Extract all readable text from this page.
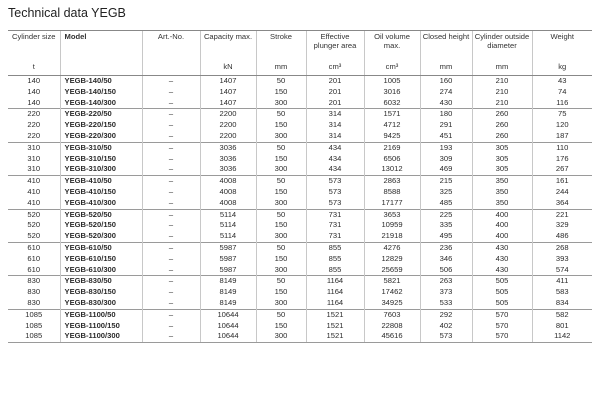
Technical data YEGB
Cylinder size	Model	Art.-No.	Capacity max.	Stroke	Effective plunger area	Oil volume max.	Closed height	Cylinder outside diameter	Weight
t			kN	mm	cm³	cm³	mm	mm	kg
140	YEGB-140/50	–	1407	50	201	1005	160	210	43
140	YEGB-140/150	–	1407	150	201	3016	274	210	74
140	YEGB-140/300	–	1407	300	201	6032	430	210	116
220	YEGB-220/50	–	2200	50	314	1571	180	260	75
220	YEGB-220/150	–	2200	150	314	4712	291	260	120
220	YEGB-220/300	–	2200	300	314	9425	451	260	187
310	YEGB-310/50	–	3036	50	434	2169	193	305	110
310	YEGB-310/150	–	3036	150	434	6506	309	305	176
310	YEGB-310/300	–	3036	300	434	13012	469	305	267
410	YEGB-410/50	–	4008	50	573	2863	215	350	161
410	YEGB-410/150	–	4008	150	573	8588	325	350	244
410	YEGB-410/300	–	4008	300	573	17177	485	350	364
520	YEGB-520/50	–	5114	50	731	3653	225	400	221
520	YEGB-520/150	–	5114	150	731	10959	335	400	329
520	YEGB-520/300	–	5114	300	731	21918	495	400	486
610	YEGB-610/50	–	5987	50	855	4276	236	430	268
610	YEGB-610/150	–	5987	150	855	12829	346	430	393
610	YEGB-610/300	–	5987	300	855	25659	506	430	574
830	YEGB-830/50	–	8149	50	1164	5821	263	505	411
830	YEGB-830/150	–	8149	150	1164	17462	373	505	583
830	YEGB-830/300	–	8149	300	1164	34925	533	505	834
1085	YEGB-1100/50	–	10644	50	1521	7603	292	570	582
1085	YEGB-1100/150	–	10644	150	1521	22808	402	570	801
1085	YEGB-1100/300	–	10644	300	1521	45616	573	570	1142
